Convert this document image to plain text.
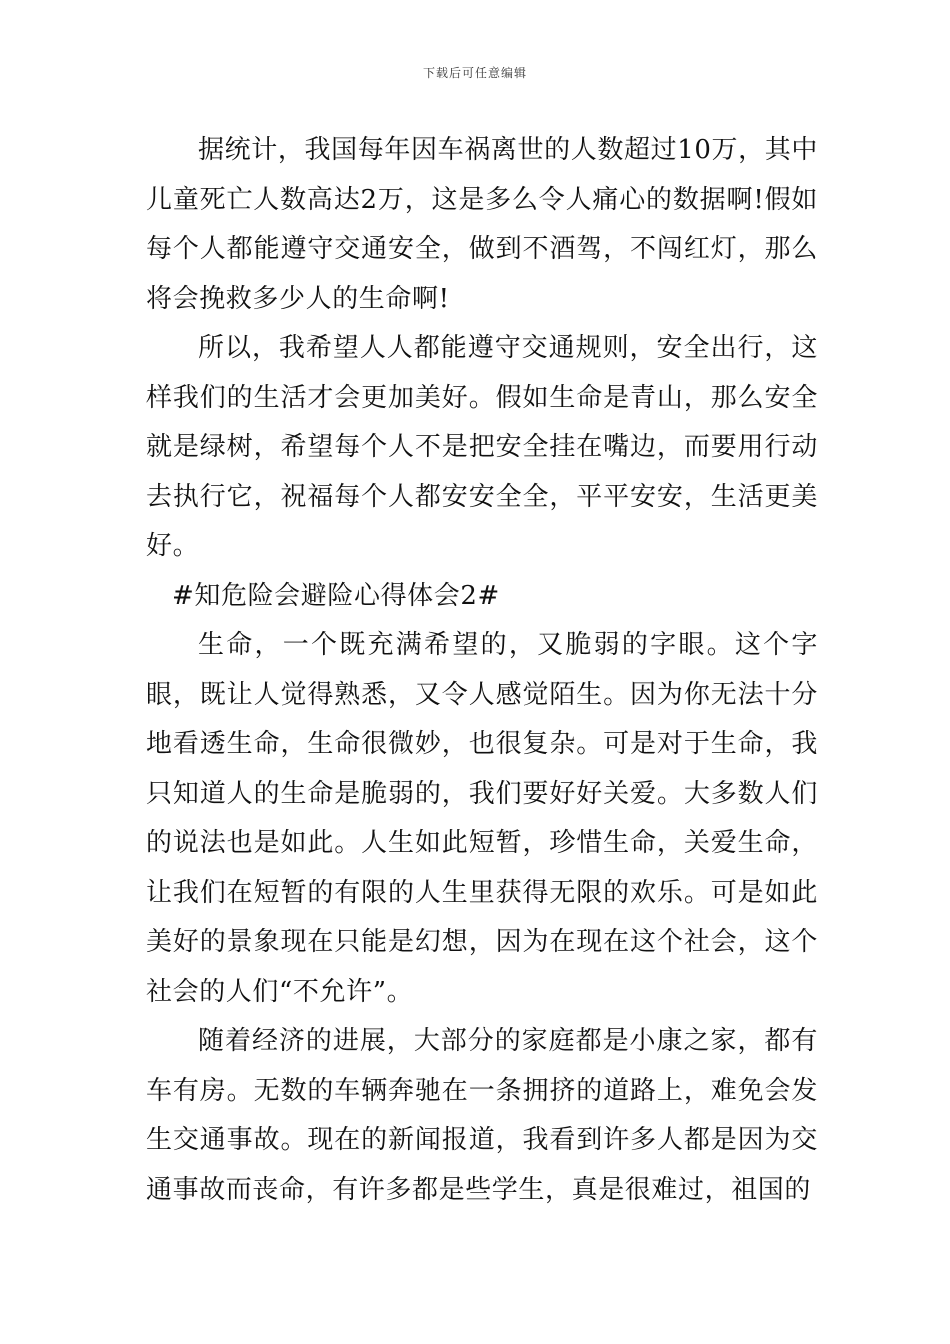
下载后可任意编辑

据统计，我国每年因车祸离世的人数超过10万，其中儿童死亡人数高达2万，这是多么令人痛心的数据啊!假如每个人都能遵守交通安全，做到不酒驾，不闯红灯，那么将会挽救多少人的生命啊!

所以，我希望人人都能遵守交通规则，安全出行，这样我们的生活才会更加美好。假如生命是青山，那么安全就是绿树，希望每个人不是把安全挂在嘴边，而要用行动去执行它，祝福每个人都安安全全，平平安安，生活更美好。

#知危险会避险心得体会2#

生命，一个既充满希望的，又脆弱的字眼。这个字眼，既让人觉得熟悉，又令人感觉陌生。因为你无法十分地看透生命，生命很微妙，也很复杂。可是对于生命，我只知道人的生命是脆弱的，我们要好好关爱。大多数人们的说法也是如此。人生如此短暂，珍惜生命，关爱生命，让我们在短暂的有限的人生里获得无限的欢乐。可是如此美好的景象现在只能是幻想，因为在现在这个社会，这个社会的人们“不允许”。

随着经济的进展，大部分的家庭都是小康之家，都有车有房。无数的车辆奔驰在一条拥挤的道路上，难免会发生交通事故。现在的新闻报道，我看到许多人都是因为交通事故而丧命，有许多都是些学生，真是很难过，祖国的
